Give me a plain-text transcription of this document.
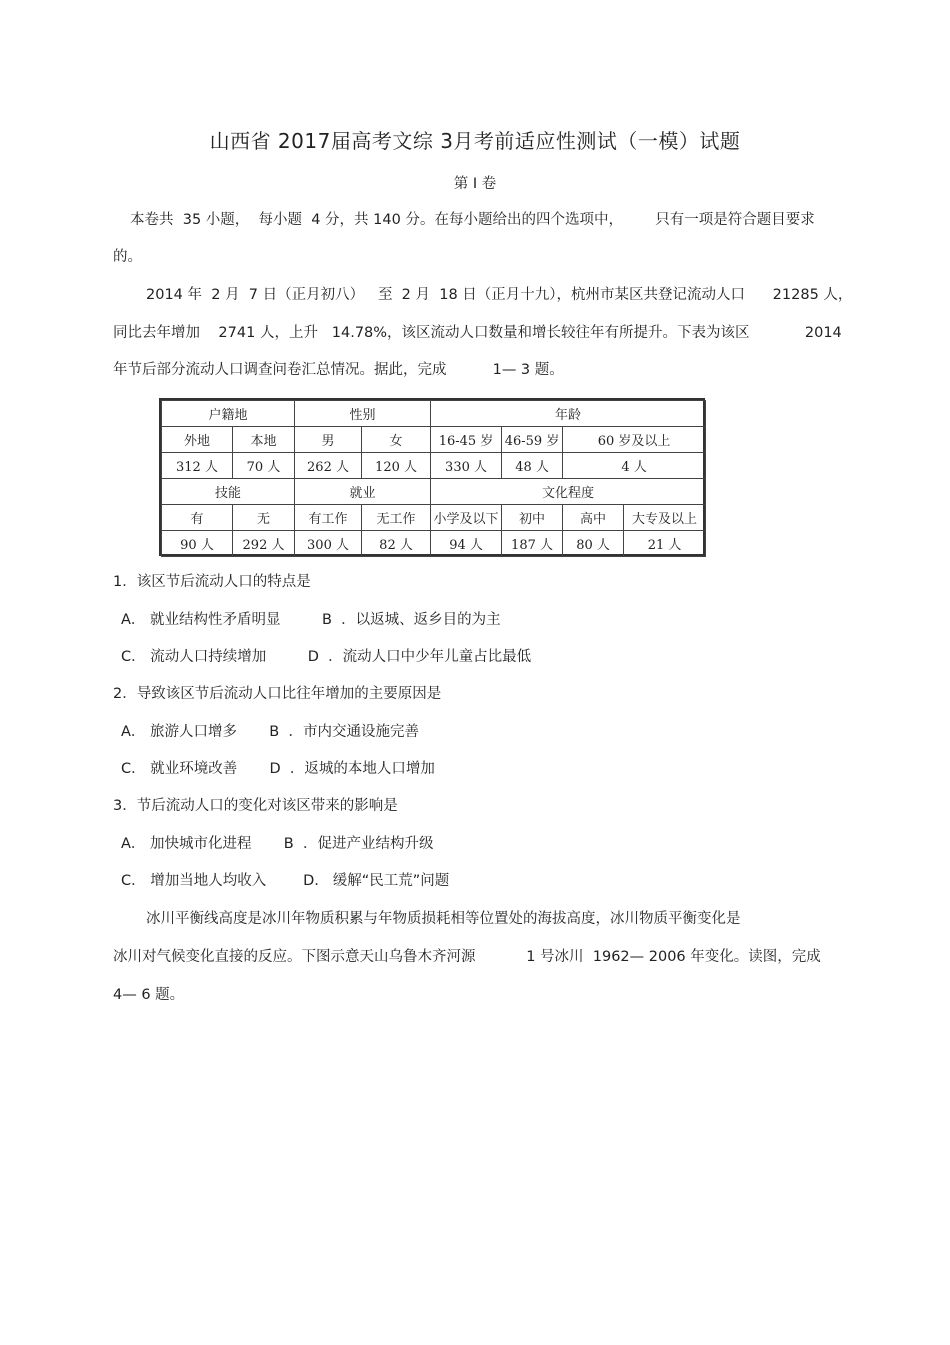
山西省 2017届高考文综 3月考前适应性测试（一模）试题
第 Ⅰ 卷
本卷共  35 小题，  每小题  4 分，共 140 分。在每小题给出的四个选项中，       只有一项是符合题目要求
的。
2014 年  2 月  7 日（正月初八）   至  2 月  18 日（正月十九），杭州市某区共登记流动人口      21285 人，
同比去年增加    2741 人，上升   14.78%，该区流动人口数量和增长较往年有所提升。下表为该区            2014
年节后部分流动人口调查问卷汇总情况。据此，完成          1— 3 题。
户籍地		性别		年龄			
外地	本地	男	女	16-45 岁	46-59 岁	60 岁及以上	
312 人	70 人	262 人	120 人	330 人	48 人	4 人	
技能		就业		文化程度			
有	无	有工作	无工作	小学及以下	初中	高中	大专及以上
90 人	292 人	300 人	82 人	94 人	187 人	80 人	21 人
1．该区节后流动人口的特点是
A． 就业结构性矛盾明显         B  ．以返城、返乡目的为主
C． 流动人口持续增加         D  ．流动人口中少年儿童占比最低
2．导致该区节后流动人口比往年增加的主要原因是
A． 旅游人口增多       B  ．市内交通设施完善
C． 就业环境改善       D  ．返城的本地人口增加
3．节后流动人口的变化对该区带来的影响是
A． 加快城市化进程       B  ．促进产业结构升级
C． 增加当地人均收入        D.   缓解“民工荒”问题
冰川平衡线高度是冰川年物质积累与年物质损耗相等位置处的海拔高度，冰川物质平衡变化是
冰川对气候变化直接的反应。下图示意天山乌鲁木齐河源           1 号冰川  1962— 2006 年变化。读图，完成
4— 6 题。
